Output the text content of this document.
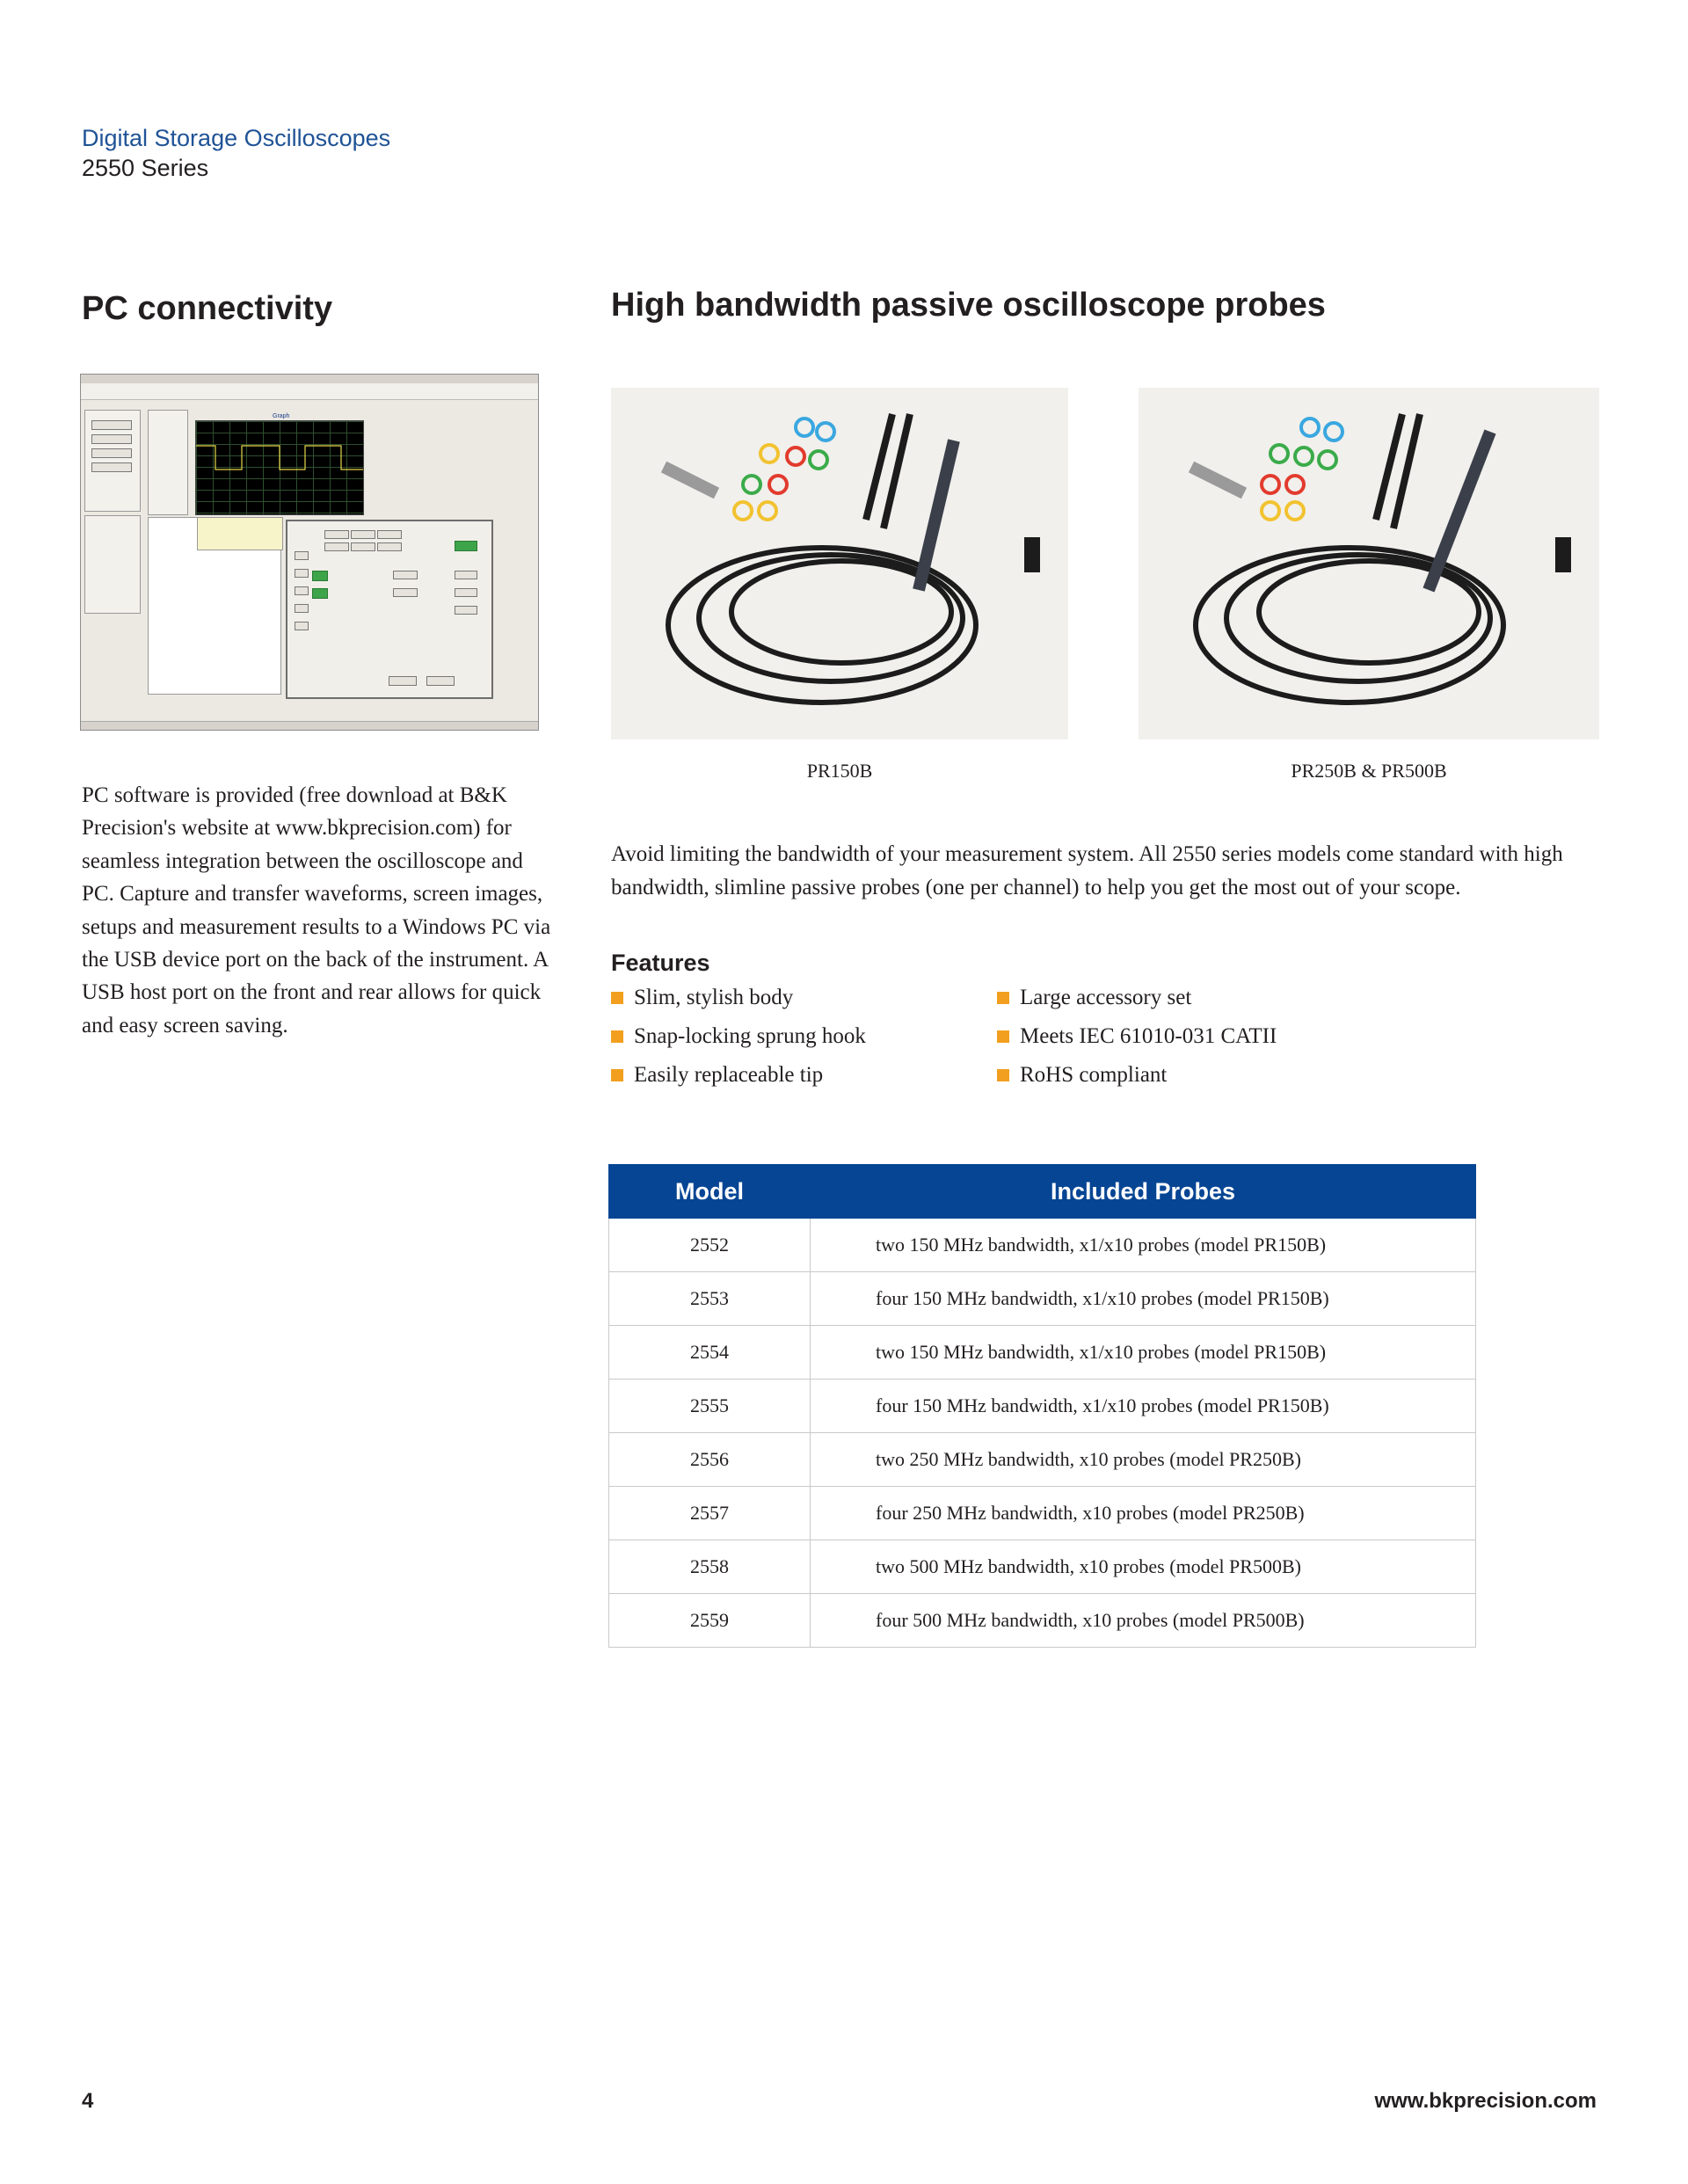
Digital Storage Oscilloscopes
2550 Series
PC connectivity	High bandwidth passive oscilloscope probes
Graph
PR150B	PR250B & PR500B
PC software is provided (free download at B&K Precision's website at www.bkprecision.com) for seamless integration between the oscilloscope and PC. Capture and transfer waveforms, screen images, setups and measurement results to a Windows PC via the USB device port on the back of the instrument. A USB host port on the front and rear allows for quick and easy screen saving.
Avoid limiting the bandwidth of your measurement system. All 2550 series models come standard with high bandwidth, slimline passive probes (one per channel) to help you get the most out of your scope.
Features
Slim, stylish body
Snap-locking sprung hook
Easily replaceable tip
Large accessory set
Meets IEC 61010-031 CATII
RoHS compliant
Model	Included Probes
2552	two 150 MHz bandwidth, x1/x10 probes (model PR150B)
2553	four 150 MHz bandwidth, x1/x10 probes (model PR150B)
2554	two 150 MHz bandwidth, x1/x10 probes (model PR150B)
2555	four 150 MHz bandwidth, x1/x10 probes (model PR150B)
2556	two 250 MHz bandwidth, x10 probes (model PR250B)
2557	four 250 MHz bandwidth, x10 probes (model PR250B)
2558	two 500 MHz bandwidth, x10 probes (model PR500B)
2559	four 500 MHz bandwidth, x10 probes (model PR500B)
4	www.bkprecision.com
